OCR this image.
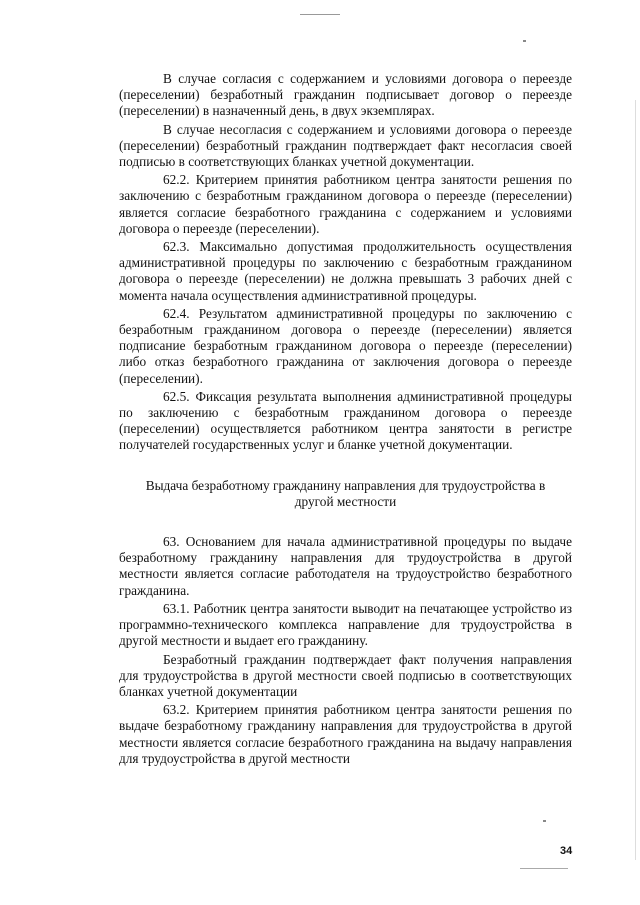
В случае согласия с содержанием и условиями договора о переезде (переселении) безработный гражданин подписывает договор о переезде (переселении) в назначенный день, в двух экземплярах.

В случае несогласия с содержанием и условиями договора о переезде (переселении) безработный гражданин подтверждает факт несогласия своей подписью в соответствующих бланках учетной документации.

62.2. Критерием принятия работником центра занятости решения по заключению с безработным гражданином договора о переезде (переселении) является согласие безработного гражданина с содержанием и условиями договора о переезде (переселении).

62.3. Максимально допустимая продолжительность осуществления административной процедуры по заключению с безработным гражданином договора о переезде (переселении) не должна превышать 3 рабочих дней с момента начала осуществления административной процедуры.

62.4. Результатом административной процедуры по заключению с безработным гражданином договора о переезде (переселении) является подписание безработным гражданином договора о переезде (переселении) либо отказ безработного гражданина от заключения договора о переезде (переселении).

62.5. Фиксация результата выполнения административной процедуры по заключению с безработным гражданином договора о переезде (переселении) осуществляется работником центра занятости в регистре получателей государственных услуг и бланке учетной документации.

Выдача безработному гражданину направления для трудоустройства в
другой местности

63. Основанием для начала административной процедуры по выдаче безработному гражданину направления для трудоустройства в другой местности является согласие работодателя на трудоустройство безработного гражданина.

63.1. Работник центра занятости выводит на печатающее устройство из программно-технического комплекса направление для трудоустройства в другой местности и выдает его гражданину.

Безработный гражданин подтверждает факт получения направления для трудоустройства в другой местности своей подписью в соответствующих бланках учетной документации

63.2. Критерием принятия работником центра занятости решения по выдаче безработному гражданину направления для трудоустройства в другой местности является согласие безработного гражданина на выдачу направления для трудоустройства в другой местности

34
